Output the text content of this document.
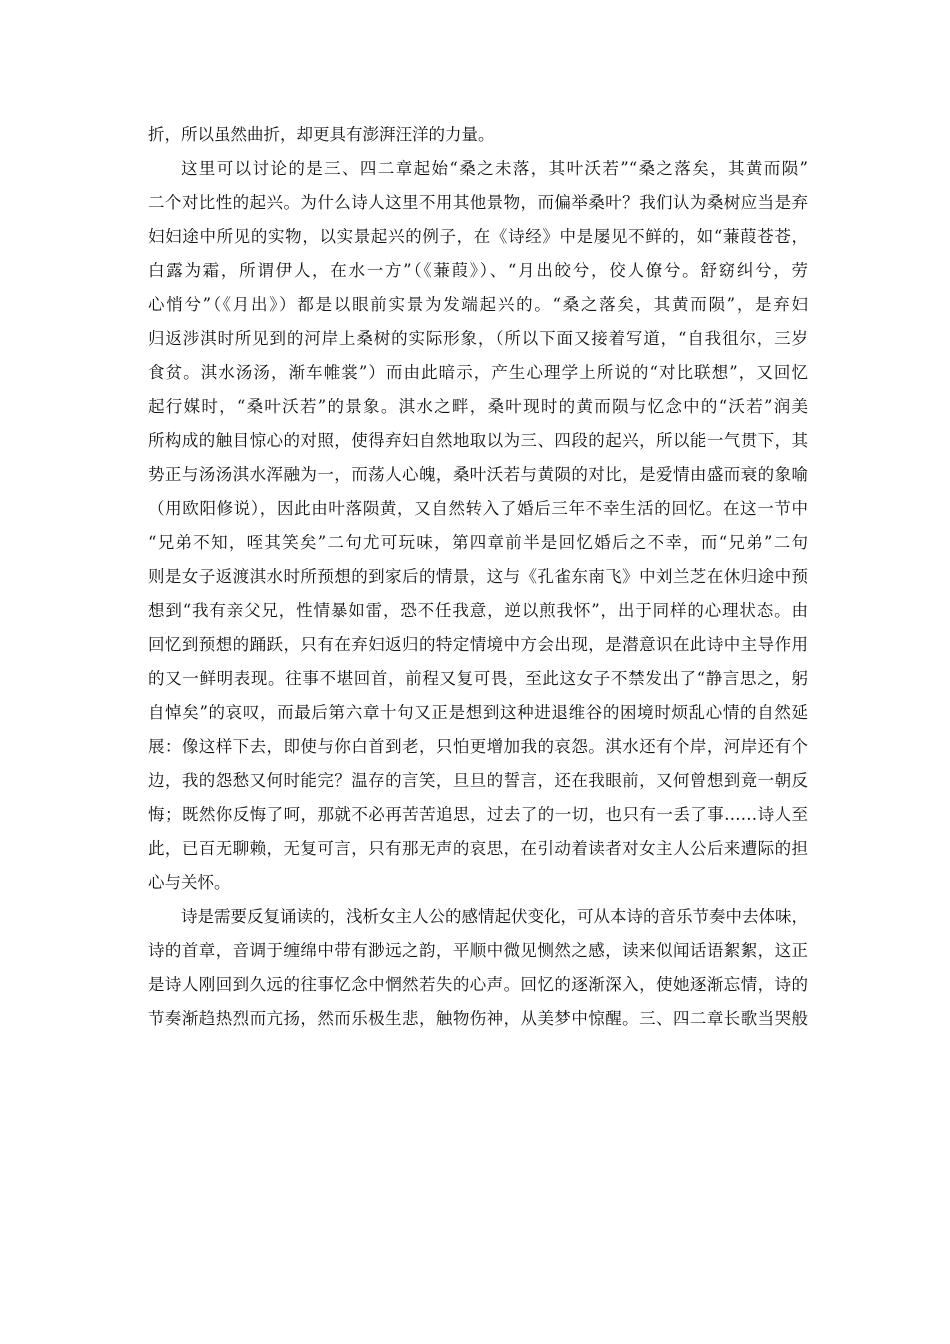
折，所以虽然曲折，却更具有澎湃汪洋的力量。
这里可以讨论的是三、四二章起始“桑之未落，其叶沃若”“桑之落矣，其黄而陨”
二个对比性的起兴。为什么诗人这里不用其他景物，而偏举桑叶？我们认为桑树应当是弃
妇妇途中所见的实物，以实景起兴的例子，在《诗经》中是屡见不鲜的，如“蒹葭苍苍，
白露为霜，所谓伊人，在水一方”（《蒹葭》）、“月出皎兮，佼人僚兮。舒窈纠兮，劳
心悄兮”（《月出》）都是以眼前实景为发端起兴的。“桑之落矣，其黄而陨”，是弃妇
归返涉淇时所见到的河岸上桑树的实际形象，（所以下面又接着写道，“自我徂尔，三岁
食贫。淇水汤汤，渐车帷裳”）而由此暗示，产生心理学上所说的“对比联想”，又回忆
起行媒时，“桑叶沃若”的景象。淇水之畔，桑叶现时的黄而陨与忆念中的“沃若”润美
所构成的触目惊心的对照，使得弃妇自然地取以为三、四段的起兴，所以能一气贯下，其
势正与汤汤淇水浑融为一，而荡人心魄，桑叶沃若与黄陨的对比，是爱情由盛而衰的象喻
（用欧阳修说），因此由叶落陨黄，又自然转入了婚后三年不幸生活的回忆。在这一节中
“兄弟不知，咥其笑矣”二句尤可玩味，第四章前半是回忆婚后之不幸，而“兄弟”二句
则是女子返渡淇水时所预想的到家后的情景，这与《孔雀东南飞》中刘兰芝在休归途中预
想到“我有亲父兄，性情暴如雷，恐不任我意，逆以煎我怀”，出于同样的心理状态。由
回忆到预想的踊跃，只有在弃妇返归的特定情境中方会出现，是潜意识在此诗中主导作用
的又一鲜明表现。往事不堪回首，前程又复可畏，至此这女子不禁发出了“静言思之，躬
自悼矣”的哀叹，而最后第六章十句又正是想到这种进退维谷的困境时烦乱心情的自然延
展：像这样下去，即使与你白首到老，只怕更增加我的哀怨。淇水还有个岸，河岸还有个
边，我的怨愁又何时能完？温存的言笑，旦旦的誓言，还在我眼前，又何曾想到竟一朝反
悔；既然你反悔了呵，那就不必再苦苦追思，过去了的一切，也只有一丢了事……诗人至
此，已百无聊赖，无复可言，只有那无声的哀思，在引动着读者对女主人公后来遭际的担
心与关怀。
诗是需要反复诵读的，浅析女主人公的感情起伏变化，可从本诗的音乐节奏中去体味，
诗的首章，音调于缠绵中带有渺远之韵，平顺中微见恻然之感，读来似闻话语絮絮，这正
是诗人刚回到久远的往事忆念中惘然若失的心声。回忆的逐渐深入，使她逐渐忘情，诗的
节奏渐趋热烈而亢扬，然而乐极生悲，触物伤神，从美梦中惊醒。三、四二章长歌当哭般
